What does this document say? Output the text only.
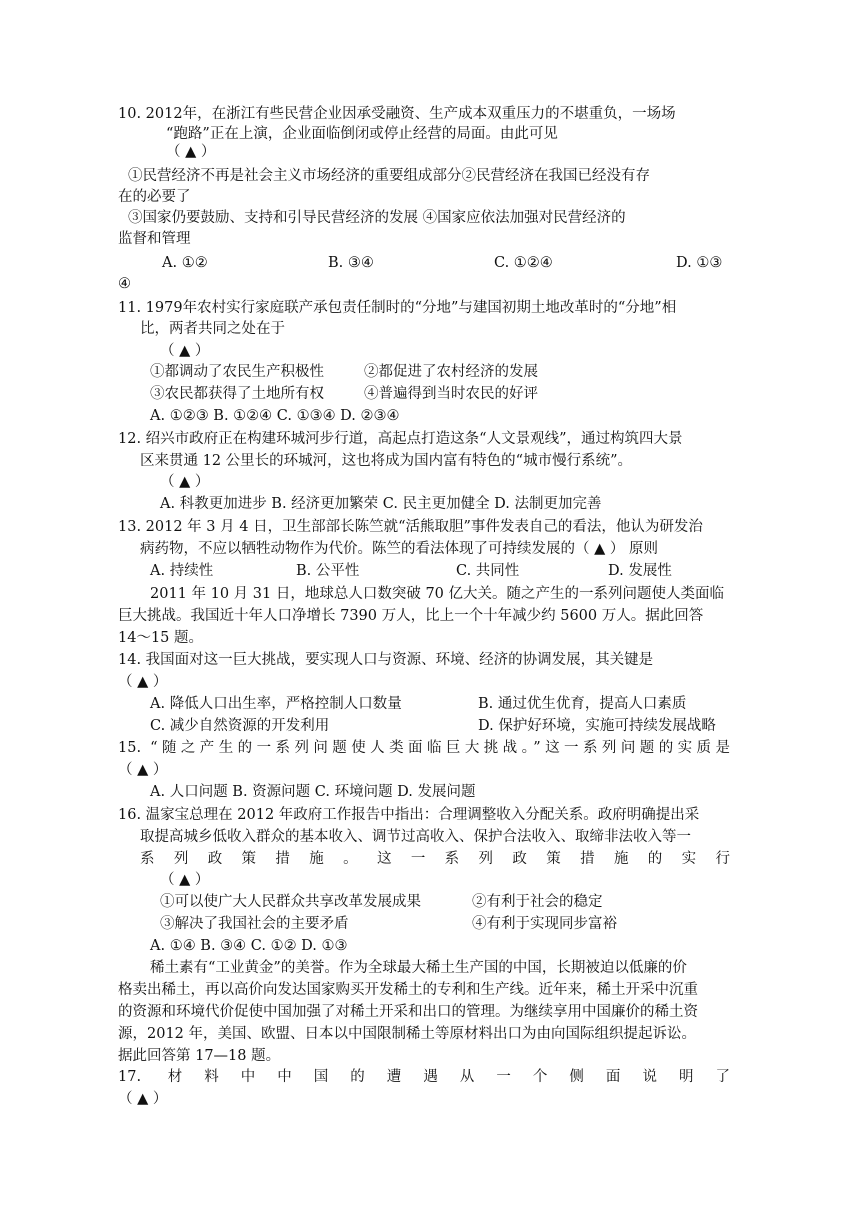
10. 2012年，在浙江有些民营企业因承受融资、生产成本双重压力的不堪重负，一场场
“跑路”正在上演，企业面临倒闭或停止经营的局面。由此可见
（ ▲ ）
①民营经济不再是社会主义市场经济的重要组成部分②民营经济在我国已经没有存
在的必要了
③国家仍要鼓励、支持和引导民营经济的发展 ④国家应依法加强对民营经济的
监督和管理
A. ①②	B. ③④	C. ①②④	D. ①③
④
11. 1979年农村实行家庭联产承包责任制时的“分地”与建国初期土地改革时的“分地”相
比，两者共同之处在于
（ ▲ ）
①都调动了农民生产积极性	②都促进了农村经济的发展
③农民都获得了土地所有权	④普遍得到当时农民的好评
A. ①②③ B. ①②④ C. ①③④ D. ②③④
12. 绍兴市政府正在构建环城河步行道，高起点打造这条“人文景观线”，通过构筑四大景
区来贯通 12 公里长的环城河，这也将成为国内富有特色的“城市慢行系统”。
（ ▲ ）
A. 科教更加进步 B. 经济更加繁荣 C. 民主更加健全 D. 法制更加完善
13. 2012 年 3 月 4 日，卫生部部长陈竺就“活熊取胆”事件发表自己的看法，他认为研发治
病药物，不应以牺牲动物作为代价。陈竺的看法体现了可持续发展的（ ▲ ） 原则
A. 持续性	B. 公平性	C. 共同性	D. 发展性
2011 年 10 月 31 日，地球总人口数突破 70 亿大关。随之产生的一系列问题使人类面临
巨大挑战。我国近十年人口净增长 7390 万人，比上一个十年减少约 5600 万人。据此回答
14～15 题。
14. 我国面对这一巨大挑战，要实现人口与资源、环境、经济的协调发展，其关键是
（ ▲ ）
A. 降低人口出生率，严格控制人口数量	B. 通过优生优育，提高人口素质
C. 减少自然资源的开发利用	D. 保护好环境，实施可持续发展战略
15. “随之产生的一系列问题使人类面临巨大挑战。”这一系列问题的实质是
（ ▲ ）
A. 人口问题 B. 资源问题 C. 环境问题 D. 发展问题
16. 温家宝总理在 2012 年政府工作报告中指出：合理调整收入分配关系。政府明确提出采
取提高城乡低收入群众的基本收入、调节过高收入、保护合法收入、取缔非法收入等一
系列政策措施。这一系列政策措施的实行
（ ▲ ）
①可以使广大人民群众共享改革发展成果	②有利于社会的稳定
③解决了我国社会的主要矛盾	④有利于实现同步富裕
A. ①④ B. ③④ C. ①② D. ①③
稀土素有“工业黄金”的美誉。作为全球最大稀土生产国的中国，长期被迫以低廉的价
格卖出稀土，再以高价向发达国家购买开发稀土的专利和生产线。近年来，稀土开采中沉重
的资源和环境代价促使中国加强了对稀土开采和出口的管理。为继续享用中国廉价的稀土资
源，2012 年，美国、欧盟、日本以中国限制稀土等原材料出口为由向国际组织提起诉讼。
据此回答第 17—18 题。
17. 材料中中国的遭遇从一个侧面说明了
（ ▲ ）
